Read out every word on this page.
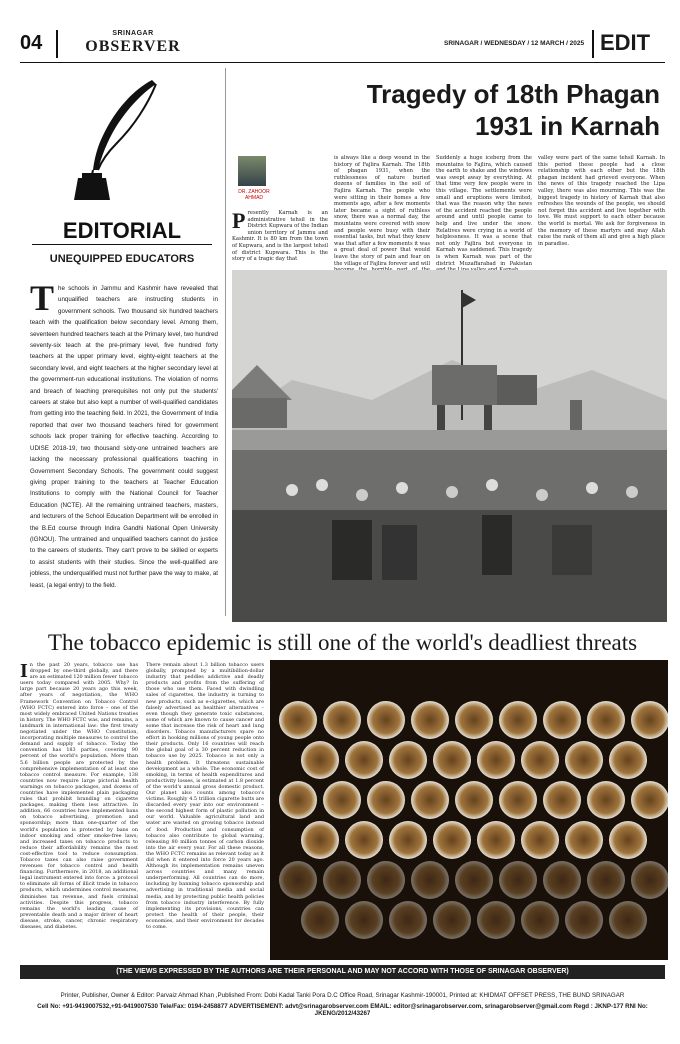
04	SRINAGAR
OBSERVER	SRINAGAR / WEDNESDAY / 12 MARCH / 2025 EDIT
EDITORIAL
UNEQUIPPED EDUCATORS
The schools in Jammu and Kashmir have revealed that unqualified teachers are instructing students in government schools. Two thousand six hundred teachers teach with the qualification below secondary level. Among them, seventeen hundred teachers teach at the Primary level, two hundred seventy-six teach at the pre-primary level, five hundred forty teachers at the upper primary level, eighty-eight teachers at the secondary level, and eight teachers at the higher secondary level at the government-run educational institutions. The violation of norms and breach of teaching prerequisites not only put the students' careers at stake but also kept a number of well-qualified candidates from getting into the teaching field. In 2021, the Government of India reported that over two thousand teachers hired for government schools lack proper training for effective teaching. According to UDISE 2018-19, two thousand sixty-one untrained teachers are lacking the necessary professional qualifications teaching in Government Secondary Schools. The government could suggest giving proper training to the teachers at Teacher Education Institutions to comply with the National Council for Teacher Education (NCTE). All the remaining untrained teachers, masters, and lecturers of the School Education Department will be enrolled in the B.Ed course through Indira Gandhi National Open University (IGNOU). The untrained and unqualified teachers cannot do justice to the careers of students. They can't prove to be skilled or experts to assist students with their studies. Since the well-qualified are jobless, the underqualified must not further pave the way to make, at least, (a legal entry) to the field.
Tragedy of 18th Phagan
1931 in Karnah
DR. ZAHOOR AHMAD
Presently Karnah is an administrative tehsil in the District Kupwara of the Indian union territory of Jammu and Kashmir. It is 80 km from the town of Kupwara, and is the largest tehsil of district Kupwara. This is the story of a tragic day that
is always like a deep wound in the history of Fajlira Karnah. The 18th of phagan 1931, when the ruthlessness of nature buried dozens of families in the soil of Fajlira Karnah. The people who were sitting in their homes a few moments ago, after a few moments later became a sight of ruthless snow, there was a normal day, the mountains were covered with snow and people were busy with their essential tasks, but what they knew was that after a few moments it was a great deal of power that would leave the story of pain and fear on the village of Fajlira forever and will
Suddenly a huge iceberg from the mountains to Fajlira, which caused the earth to shake and the windows was swept away by everything. At that time very few people were in this village. The settlements were small and eruptions were limited, that was the reason why the news of the accident reached the people around and until people came to help and live under the snow. Relatives were crying in a world of helplessness. It was a scene that not only Fajlira but everyone in Karnah was saddened. This tragedy is when Karnah was part of the district Muzaffarabad in Pakistan
valley were part of the same tehsil Karnah. In this period these people had a close relationship with each other but the 18th phagan incident had grieved everyone. When the news of this tragedy reached the Lipa valley, there was also mourning. This was the biggest tragedy in history of Karnah that also refreshes the wounds of the people, we should not forget this accident and live together with love. We must support to each other because the world is mortal. We ask for forgiveness in the memory of these martyrs and may Allah raise the rank of them all and give a high place in paradise.
The tobacco epidemic is still one of the world's deadliest threats
In the past 20 years, tobacco use has dropped by one-third globally, and there are an estimated 120 million fewer tobacco users today compared with 2005. Why? In large part because 20 years ago this week, after years of negotiation, the WHO Framework Convention on Tobacco Control (WHO FCTC) entered into force – one of the most widely embraced United Nations treaties in history. The WHO FCTC was, and remains, a landmark in international law: the first treaty negotiated under the WHO Constitution, incorporating multiple measures to control the demand and supply of tobacco. Today the convention has 183 parties, covering 90 percent of the world's population. More than 5.6 billion people are protected by the comprehensive implementation of at least one tobacco control measure. For example, 138 countries now require large pictorial health warnings on tobacco packages, and dozens of countries have implemented plain packaging rules that prohibit branding on cigarette packages, making them less attractive. In addition, 66 countries have implemented bans on tobacco advertising, promotion and sponsorship; more than one-quarter of the world's population is protected by bans on indoor smoking and other smoke-free laws; and increased taxes on tobacco products to reduce their affordability remains the most cost-effective tool to reduce consumption. Tobacco taxes can also raise government revenues for tobacco control and health financing. Furthermore, in 2018, an additional legal instrument entered into force: a protocol to eliminate all forms of illicit trade in tobacco products, which undermines control measures, diminishes tax revenue, and fuels criminal activities. Despite this progress, tobacco remains the world's leading cause of preventable death and a major driver of heart disease, stroke, cancer, chronic respiratory diseases, and diabetes.
There remain about 1.3 billion tobacco users globally, prompted by a multibillion-dollar industry that peddles addictive and deadly products and profits from the suffering of those who use them. Faced with dwindling sales of cigarettes, the industry is turning to new products, such as e-cigarettes, which are falsely advertised as healthier alternatives – even though they generate toxic substances, some of which are known to cause cancer and some that increase the risk of heart and lung disorders. Tobacco manufacturers spare no effort in hooking millions of young people onto their products. Only 16 countries will reach the global goal of a 30 percent reduction in tobacco use by 2025. Tobacco is not only a health problem. It threatens sustainable development as a whole. The economic cost of smoking, in terms of health expenditures and productivity losses, is estimated at 1.8 percent of the world's annual gross domestic product. Our planet also counts among tobacco's victims. Roughly 4.5 trillion cigarette butts are discarded every year into our environment – the second highest form of plastic pollution in our world. Valuable agricultural land and water are wasted on growing tobacco instead of food. Production and consumption of tobacco also contribute to global warming, releasing 80 million tonnes of carbon dioxide into the air every year. For all these reasons, the WHO FCTC remains as relevant today as it did when it entered into force 20 years ago. Although its implementation remains uneven across countries and many remain underperforming. All countries can do more, including by banning tobacco sponsorship and advertising in traditional media and social media, and by protecting public health policies from tobacco industry interference. By fully implementing its provisions, countries can protect the health of their people, their economies, and their environment for decades to come.
(THE VIEWS EXPRESSED BY THE AUTHORS ARE THEIR PERSONAL AND MAY NOT ACCORD WITH THOSE OF SRINAGAR OBSERVER)
Printer, Publisher, Owner & Editor: Parvaiz Ahmad Khan ,Published From: Dobi Kadal Tanki Pora D.C Office Road, Srinagar Kashmir-190001, Printed at: KHIDMAT OFFSET PRESS, THE BUND SRINAGAR
Cell No: +91-9419007532,+91-9419007530 Tele/Fax: 0194-2458877 ADVERTISEMENT: advt@srinagarobserver.com EMAIL: editor@srinagarobserver.com, srinagarobserver@gmail.com Regd : JKNP-177 RNI No: JKENG/2012/43267
